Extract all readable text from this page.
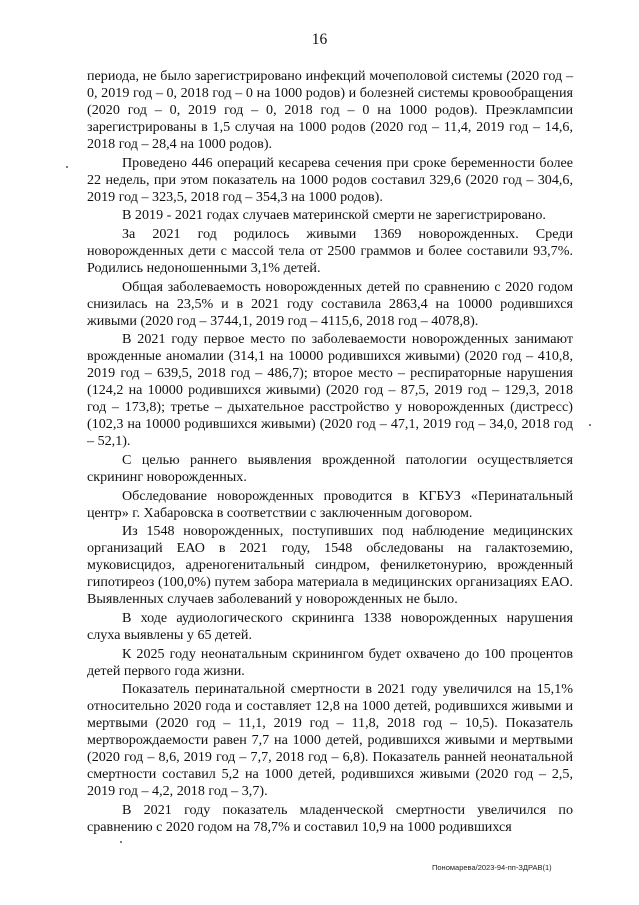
16

периода, не было зарегистрировано инфекций мочеполовой системы (2020 год – 0, 2019 год – 0, 2018 год – 0 на 1000 родов) и болезней системы кровообращения (2020 год – 0, 2019 год – 0, 2018 год – 0 на 1000 родов). Преэклампсии зарегистрированы в 1,5 случая на 1000 родов (2020 год – 11,4, 2019 год – 14,6, 2018 год – 28,4 на 1000 родов).

Проведено 446 операций кесарева сечения при сроке беременности более 22 недель, при этом показатель на 1000 родов составил 329,6 (2020 год – 304,6, 2019 год – 323,5, 2018 год – 354,3 на 1000 родов).

В 2019 - 2021 годах случаев материнской смерти не зарегистрировано.

За 2021 год родилось живыми 1369 новорожденных. Среди новорожденных дети с массой тела от 2500 граммов и более составили 93,7%. Родились недоношенными 3,1% детей.

Общая заболеваемость новорожденных детей по сравнению с 2020 годом снизилась на 23,5% и в 2021 году составила 2863,4 на 10000 родившихся живыми (2020 год – 3744,1, 2019 год – 4115,6, 2018 год – 4078,8).

В 2021 году первое место по заболеваемости новорожденных занимают врожденные аномалии (314,1 на 10000 родившихся живыми) (2020 год – 410,8, 2019 год – 639,5, 2018 год – 486,7); второе место – респираторные нарушения (124,2 на 10000 родившихся живыми) (2020 год – 87,5, 2019 год – 129,3, 2018 год – 173,8); третье – дыхательное расстройство у новорожденных (дистресс) (102,3 на 10000 родившихся живыми) (2020 год – 47,1, 2019 год – 34,0, 2018 год – 52,1).

С целью раннего выявления врожденной патологии осуществляется скрининг новорожденных.

Обследование новорожденных проводится в КГБУЗ «Перинатальный центр» г. Хабаровска в соответствии с заключенным договором.

Из 1548 новорожденных, поступивших под наблюдение медицинских организаций ЕАО в 2021 году, 1548 обследованы на галактоземию, муковисцидоз, адреногенитальный синдром, фенилкетонурию, врожденный гипотиреоз (100,0%) путем забора материала в медицинских организациях ЕАО. Выявленных случаев заболеваний у новорожденных не было.

В ходе аудиологического скрининга 1338 новорожденных нарушения слуха выявлены у 65 детей.

К 2025 году неонатальным скринингом будет охвачено до 100 процентов детей первого года жизни.

Показатель перинатальной смертности в 2021 году увеличился на 15,1% относительно 2020 года и составляет 12,8 на 1000 детей, родившихся живыми и мертвыми (2020 год – 11,1, 2019 год – 11,8, 2018 год – 10,5). Показатель мертворождаемости равен 7,7 на 1000 детей, родившихся живыми и мертвыми (2020 год – 8,6, 2019 год – 7,7, 2018 год – 6,8). Показатель ранней неонатальной смертности составил 5,2 на 1000 детей, родившихся живыми (2020 год – 2,5, 2019 год – 4,2, 2018 год – 3,7).

В 2021 году показатель младенческой смертности увеличился по сравнению с 2020 годом на 78,7% и составил 10,9 на 1000 родившихся

Пономарева/2023-94-пп-ЗДРАВ(1)
